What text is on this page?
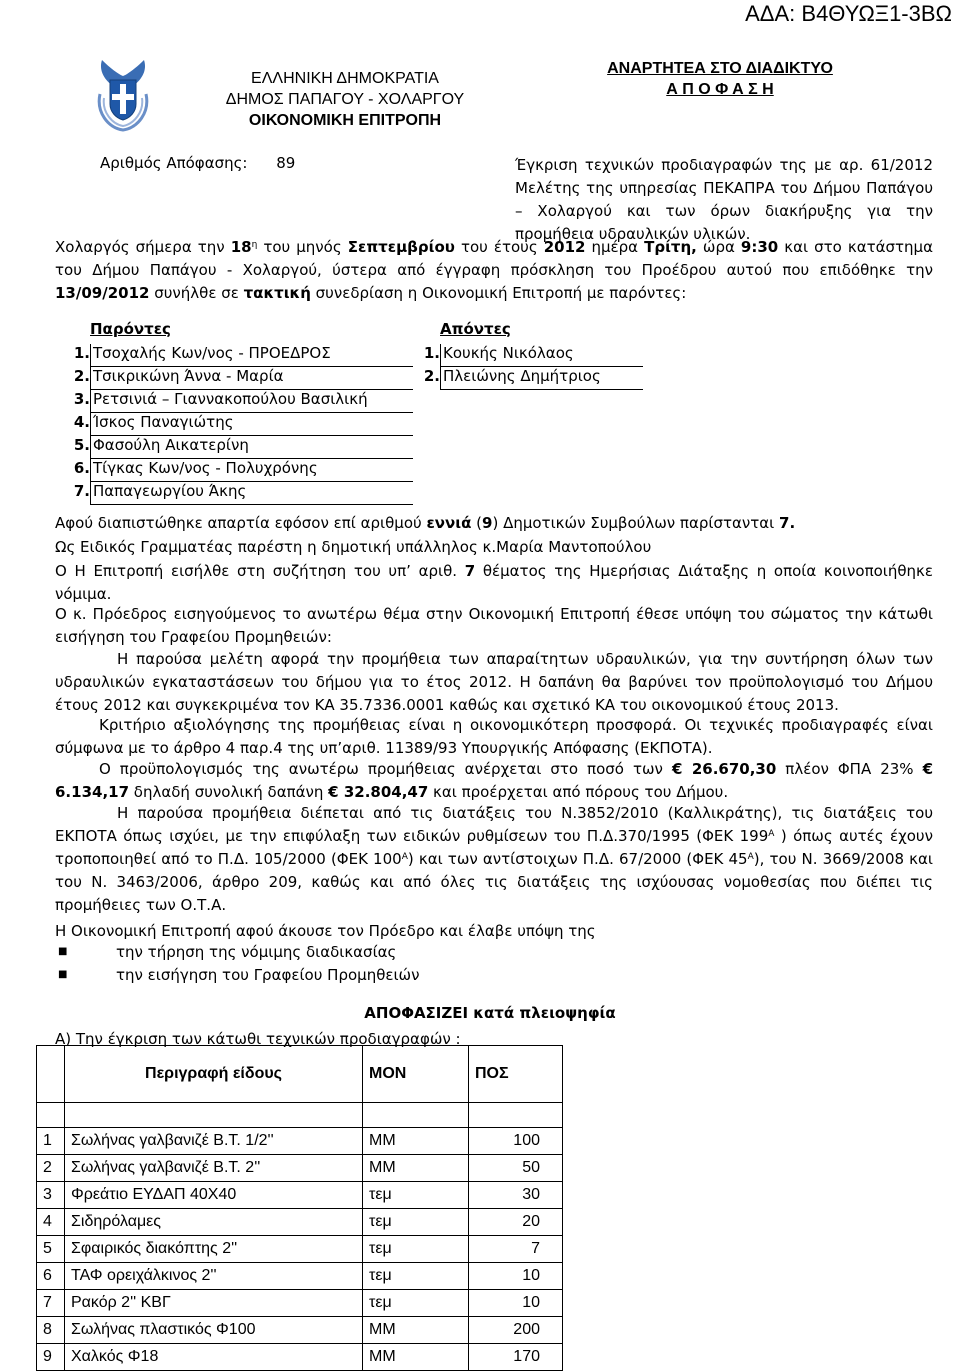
ΑΔΑ: Β4ΘΥΩΞ1-3ΒΩ
ΕΛΛΗΝΙΚΗ ΔΗΜΟΚΡΑΤΙΑ
ΔΗΜΟΣ ΠΑΠΑΓΟΥ - ΧΟΛΑΡΓΟΥ
ΟΙΚΟΝΟΜΙΚΗ ΕΠΙΤΡΟΠΗ
ΑΝΑΡΤΗΤΕΑ ΣΤΟ ΔΙΑΔΙΚΤΥΟ
Α Π Ο Φ Α Σ Η
Αριθμός Απόφασης: 89	Έγκριση τεχνικών προδιαγραφών της με αρ. 61/2012 Μελέτης της υπηρεσίας ΠΕΚΑΠΡΑ του Δήμου Παπάγου – Χολαργού και των όρων διακήρυξης για την προμήθεια υδραυλικών υλικών.
Χολαργός σήμερα την $18^\eta$ του μηνός Σεπτεμβρίου του έτους 2012 ημέρα Τρίτη, ώρα 9:30 και στο κατάστημα του Δήμου Παπάγου - Χολαργού, ύστερα από έγγραφη πρόσκληση του Προέδρου αυτού που επιδόθηκε την 13/09/2012 συνήλθε σε τακτική συνεδρίαση η Οικονομική Επιτροπή με παρόντες:
Παρόντες
1. Τσοχαλής Κων/νος - ΠΡΟΕΔΡΟΣ
2. Τσικρικώνη Άννα - Μαρία
3. Ρετσινιά – Γιαννακοπούλου Βασιλική
4. Ίσκος Παναγιώτης
5. Φασούλη Αικατερίνη
6. Τίγκας Κων/νος - Πολυχρόνης
7. Παπαγεωργίου Άκης
Απόντες
1. Κουκής Νικόλαος
2. Πλειώνης Δημήτριος
Αφού διαπιστώθηκε απαρτία εφόσον επί αριθμού εννιά (9) Δημοτικών Συμβούλων παρίστανται 7.
Ως Ειδικός Γραμματέας παρέστη η δημοτική υπάλληλος κ.Μαρία Μαντοπούλου
Ο Η Επιτροπή εισήλθε στη συζήτηση του υπ’ αριθ. 7 θέματος της Ημερήσιας Διάταξης η οποία κοινοποιήθηκε νόμιμα.
Ο κ. Πρόεδρος εισηγούμενος το ανωτέρω θέμα στην Οικονομική Επιτροπή έθεσε υπόψη του σώματος την κάτωθι εισήγηση του Γραφείου Προμηθειών:
Η παρούσα μελέτη αφορά την προμήθεια των απαραίτητων υδραυλικών, για την συντήρηση όλων των υδραυλικών εγκαταστάσεων του δήμου για το έτος 2012. Η δαπάνη θα βαρύνει τον προϋπολογισμό του Δήμου έτους 2012 και συγκεκριμένα τον ΚΑ 35.7336.0001 καθώς και σχετικό ΚΑ του οικονομικού έτους 2013.
Κριτήριο αξιολόγησης της προμήθειας είναι η οικονομικότερη προσφορά. Οι τεχνικές προδιαγραφές είναι σύμφωνα με το άρθρο 4 παρ.4 της υπ’αριθ. 11389/93 Υπουργικής Απόφασης (ΕΚΠΟΤΑ).
Ο προϋπολογισμός της ανωτέρω προμήθειας ανέρχεται στο ποσό των € 26.670,30 πλέον ΦΠΑ 23% € 6.134,17 δηλαδή συνολική δαπάνη € 32.804,47 και προέρχεται από πόρους του Δήμου.
Η παρούσα προμήθεια διέπεται από τις διατάξεις του Ν.3852/2010 (Καλλικράτης), τις διατάξεις του ΕΚΠΟΤΑ όπως ισχύει, με την επιφύλαξη των ειδικών ρυθμίσεων του Π.Δ.370/1995 (ΦΕΚ $199^A$ ) όπως αυτές έχουν τροποποιηθεί από το Π.Δ. 105/2000 (ΦΕΚ $100^A$) και των αντίστοιχων Π.Δ. 67/2000 (ΦΕΚ $45^A$), του Ν. 3669/2008 και του Ν. 3463/2006, άρθρο 209, καθώς και από όλες τις διατάξεις της ισχύουσας νομοθεσίας που διέπει τις προμήθειες των Ο.Τ.Α.
Η Οικονομική Επιτροπή αφού άκουσε τον Πρόεδρο και έλαβε υπόψη της
■	την τήρηση της νόμιμης διαδικασίας
■	την εισήγηση του Γραφείου Προμηθειών
ΑΠΟΦΑΣΙΖΕΙ κατά πλειοψηφία
Α) Την έγκριση των κάτωθι τεχνικών προδιαγραφών :
	Περιγραφή είδους	ΜΟΝ	ΠΟΣ

1	Σωλήνας γαλβανιζέ Β.Τ. 1/2''	ΜΜ	100
2	Σωλήνας γαλβανιζέ Β.Τ. 2''	ΜΜ	50
3	Φρεάτιο ΕΥΔΑΠ 40Χ40	τεμ	30
4	Σιδηρόλαμες	τεμ	20
5	Σφαιρικός διακόπτης 2''	τεμ	7
6	ΤΑΦ ορειχάλκινος 2''	τεμ	10
7	Ρακόρ 2'' ΚΒΓ	τεμ	10
8	Σωλήνας πλαστικός Φ100	ΜΜ	200
9	Χαλκός Φ18	ΜΜ	170
